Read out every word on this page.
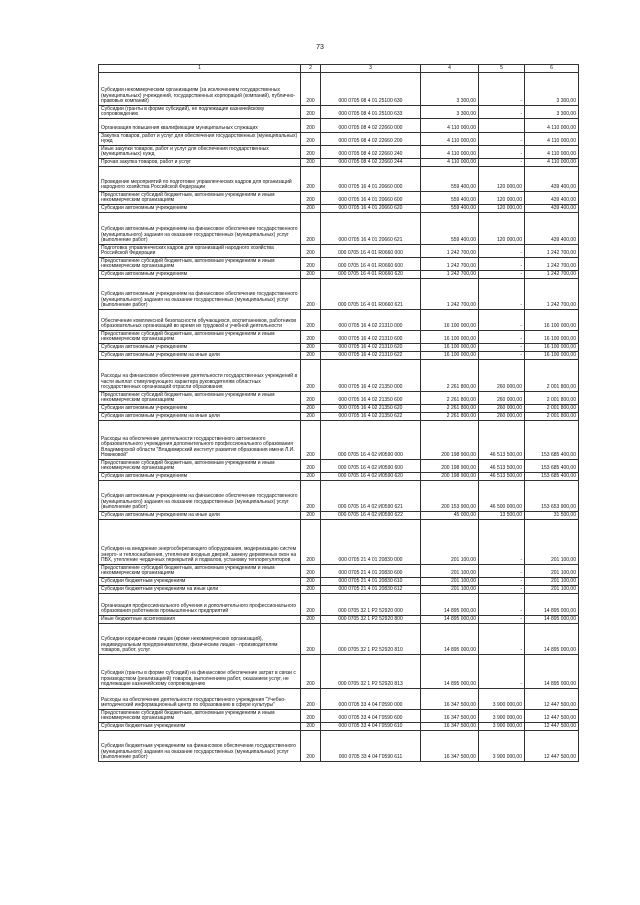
73
1	2	3	4	5	6
Субсидии некоммерческим организациям (за исключением государственных (муниципальных) учреждений, государственных корпораций (компаний), публично-правовых компаний)	200	000 0705 08 4 01 25100 630	3 300,00	-	3 300,00
Субсидии (гранты в форме субсидий), не подлежащие казначейскому сопровождению	200	000 0705 08 4 01 25100 633	3 300,00	-	3 300,00
Организация повышения квалификации муниципальных служащих	200	000 0705 08 4 02 22660 000	4 110 000,00		4 110 000,00
Закупка товаров, работ и услуг для обеспечения государственных (муниципальных) нужд	200	000 0705 08 4 02 22660 200	4 110 000,00	-	4 110 000,00
Иные закупки товаров, работ и услуг для обеспечения государственных (муниципальных) нужд	200	000 0705 08 4 02 22660 240	4 110 000,00	-	4 110 000,00
Прочая закупка товаров, работ и услуг	200	000 0705 08 4 02 22660 244	4 110 000,00	-	4 110 000,00
Проведение мероприятий по подготовке управленческих кадров для организаций народного хозяйства Российской Федерации	200	000 0705 16 4 01 20660 000	559 400,00	120 000,00	439 400,00
Предоставление субсидий бюджетным, автономным учреждениям и иным некоммерческим организациям	200	000 0705 16 4 01 20660 600	559 400,00	120 000,00	439 400,00
Субсидии автономным учреждениям	200	000 0705 16 4 01 20660 620	559 400,00	120 000,00	439 400,00
Субсидии автономным учреждениям на финансовое обеспечение государственного (муниципального) задания на оказание государственных (муниципальных) услуг (выполнение работ)	200	000 0705 16 4 01 20660 621	559 400,00	120 000,00	439 400,00
Подготовка управленческих кадров для организаций народного хозяйства Российской Федерации	200	000 0705 16 4 01 R0660 000	1 242 700,00	-	1 242 700,00
Предоставление субсидий бюджетным, автономным учреждениям и иным некоммерческим организациям	200	000 0705 16 4 01 R0660 600	1 242 700,00	-	1 242 700,00
Субсидии автономным учреждениям	200	000 0705 16 4 01 R0660 620	1 242 700,00	-	1 242 700,00
Субсидии автономным учреждениям на финансовое обеспечение государственного (муниципального) задания на оказание государственных (муниципальных) услуг (выполнение работ)	200	000 0705 16 4 01 R0660 621	1 242 700,00	-	1 242 700,00
Обеспечение комплексной безопасности обучающихся, воспитанников, работников образовательных организаций во время их трудовой и учебной деятельности	200	000 0705 16 4 02 21310 000	16 100 000,00	-	16 100 000,00
Предоставление субсидий бюджетным, автономным учреждениям и иным некоммерческим организациям	200	000 0705 16 4 02 21310 600	16 100 000,00	-	16 100 000,00
Субсидии автономным учреждениям	200	000 0705 16 4 02 21310 620	16 100 000,00	-	16 100 000,00
Субсидии автономным учреждениям на иные цели	200	000 0705 16 4 02 21310 622	16 100 000,00	-	16 100 000,00
Расходы на финансовое обеспечение деятельности государственных учреждений в части выплат стимулирующего характера руководителям областных государственных организаций отрасли образования	200	000 0705 16 4 02 21350 000	2 261 800,00	260 000,00	2 001 800,00
Предоставление субсидий бюджетным, автономным учреждениям и иным некоммерческим организациям	200	000 0705 16 4 02 21350 600	2 261 800,00	260 000,00	2 001 800,00
Субсидии автономным учреждениям	200	000 0705 16 4 02 21350 620	2 261 800,00	260 000,00	2 001 800,00
Субсидии автономным учреждениям на иные цели	200	000 0705 16 4 02 21350 622	2 261 800,00	260 000,00	2 001 800,00
Расходы на обеспечение деятельности государственного автономного образовательного учреждения дополнительного профессионального образования Владимирской области "Владимирский институт развития образования имени Л.И. Новиковой"	200	000 0705 16 4 02 И0590 000	200 198 900,00	46 513 500,00	153 685 400,00
Предоставление субсидий бюджетным, автономным учреждениям и иным некоммерческим организациям	200	000 0705 16 4 02 И0590 600	200 198 900,00	46 513 500,00	153 685 400,00
Субсидии автономным учреждениям	200	000 0705 16 4 02 И0590 620	200 198 900,00	46 513 500,00	153 685 400,00
Субсидии автономным учреждениям на финансовое обеспечение государственного (муниципального) задания на оказание государственных (муниципальных) услуг (выполнение работ)	200	000 0705 16 4 02 И0590 621	200 153 900,00	46 500 000,00	153 653 900,00
Субсидии автономным учреждениям на иные цели	200	000 0705 16 4 02 И0590 622	45 000,00	13 500,00	31 500,00
Субсидии на внедрение энергосберегающего оборудования, модернизацию систем энерго- и теплоснабжения, утепление входных дверей, замену деревянных окон на ПВХ, утепление чердачных перекрытий и подвалов, установку теплорегуляторов	200	000 0705 21 4 01 20830 000	201 100,00	-	201 100,00
Предоставление субсидий бюджетным, автономным учреждениям и иным некоммерческим организациям	200	000 0705 21 4 01 20830 600	201 100,00	-	201 100,00
Субсидии бюджетным учреждениям	200	000 0705 21 4 01 20830 610	201 100,00	-	201 100,00
Субсидии бюджетным учреждениям на иные цели	200	000 0705 21 4 01 20830 612	201 100,00	-	201 100,00
Организация профессионального обучения и дополнительного профессионального образования работников промышленных предприятий	200	000 0705 32 1 P2 52920 000	14 895 000,00	-	14 895 000,00
Иные бюджетные ассигнования	200	000 0705 32 1 P2 52920 800	14 895 000,00	-	14 895 000,00
Субсидии юридическим лицам (кроме некоммерческих организаций), индивидуальным предпринимателям, физическим лицам - производителям товаров, работ, услуг	200	000 0705 32 1 P2 52920 810	14 895 000,00	-	14 895 000,00
Субсидии (гранты в форме субсидий) на финансовое обеспечение затрат в связи с производством (реализацией) товаров, выполнением работ, оказанием услуг, не подлежащие казначейскому сопровождению	200	000 0705 32 1 P2 52920 813	14 895 000,00	-	14 895 000,00
Расходы на обеспечение деятельности государственного учреждения "Учебно-методический информационный центр по образованию в сфере культуры"	200	000 0705 33 4 04 Г0590 000	16 347 500,00	3 900 000,00	12 447 500,00
Предоставление субсидий бюджетным, автономным учреждениям и иным некоммерческим организациям	200	000 0705 33 4 04 Г0590 600	16 347 500,00	3 900 000,00	12 447 500,00
Субсидии бюджетным учреждениям	200	000 0705 33 4 04 Г0590 610	16 347 500,00	3 900 000,00	12 447 500,00
Субсидии бюджетным учреждениям на финансовое обеспечение государственного (муниципального) задания на оказание государственных (муниципальных) услуг (выполнение работ)	200	000 0705 33 4 04 Г0590 611	16 347 500,00	3 900 000,00	12 447 500,00
